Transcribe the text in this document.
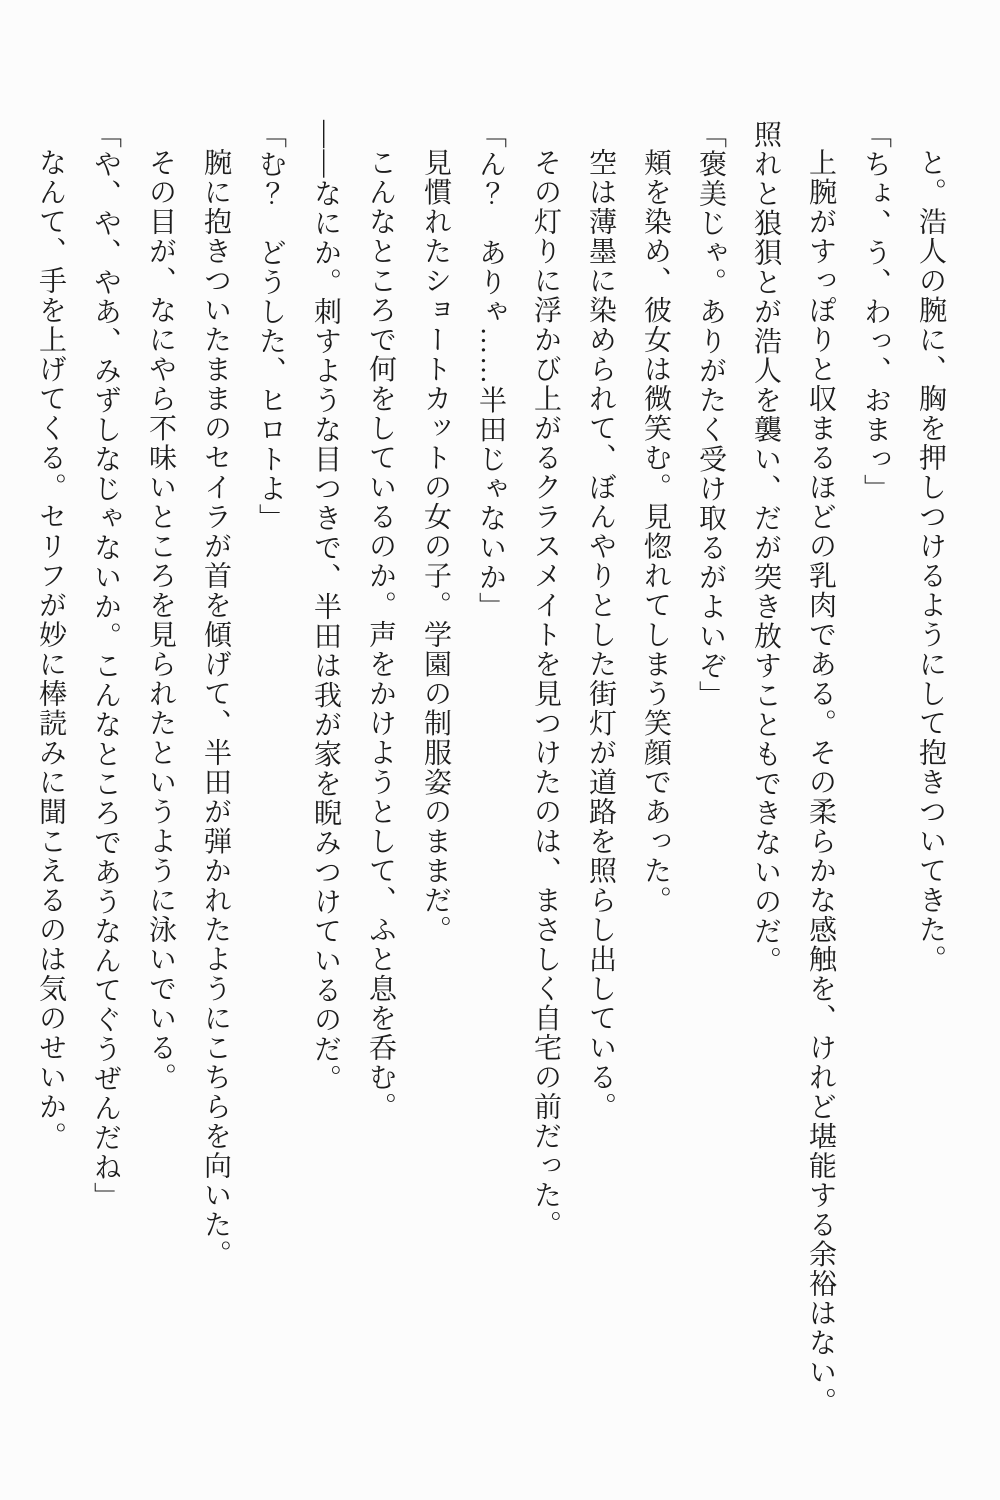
と。浩人の腕に、胸を押しつけるようにして抱きついてきた。

「ちょ、う、わっ、おまっ」

上腕がすっぽりと収まるほどの乳肉である。その柔らかな感触を、けれど堪能する余裕はない。照れと狼狽とが浩人を襲い、だが突き放すこともできないのだ。

「褒美じゃ。ありがたく受け取るがよいぞ」

頬を染め、彼女は微笑む。見惚れてしまう笑顔であった。

空は薄墨に染められて、ぼんやりとした街灯が道路を照らし出している。

その灯りに浮かび上がるクラスメイトを見つけたのは、まさしく自宅の前だった。

「ん？　ありゃ……半田じゃないか」

見慣れたショートカットの女の子。学園の制服姿のままだ。

こんなところで何をしているのか。声をかけようとして、ふと息を呑む。

――なにか。刺すような目つきで、半田は我が家を睨みつけているのだ。

「む？　どうした、ヒロトよ」

腕に抱きついたままのセイラが首を傾げて、半田が弾かれたようにこちらを向いた。

その目が、なにやら不味いところを見られたというように泳いでいる。

「や、や、やあ、みずしなじゃないか。こんなところであうなんてぐうぜんだね」

なんて、手を上げてくる。セリフが妙に棒読みに聞こえるのは気のせいか。
